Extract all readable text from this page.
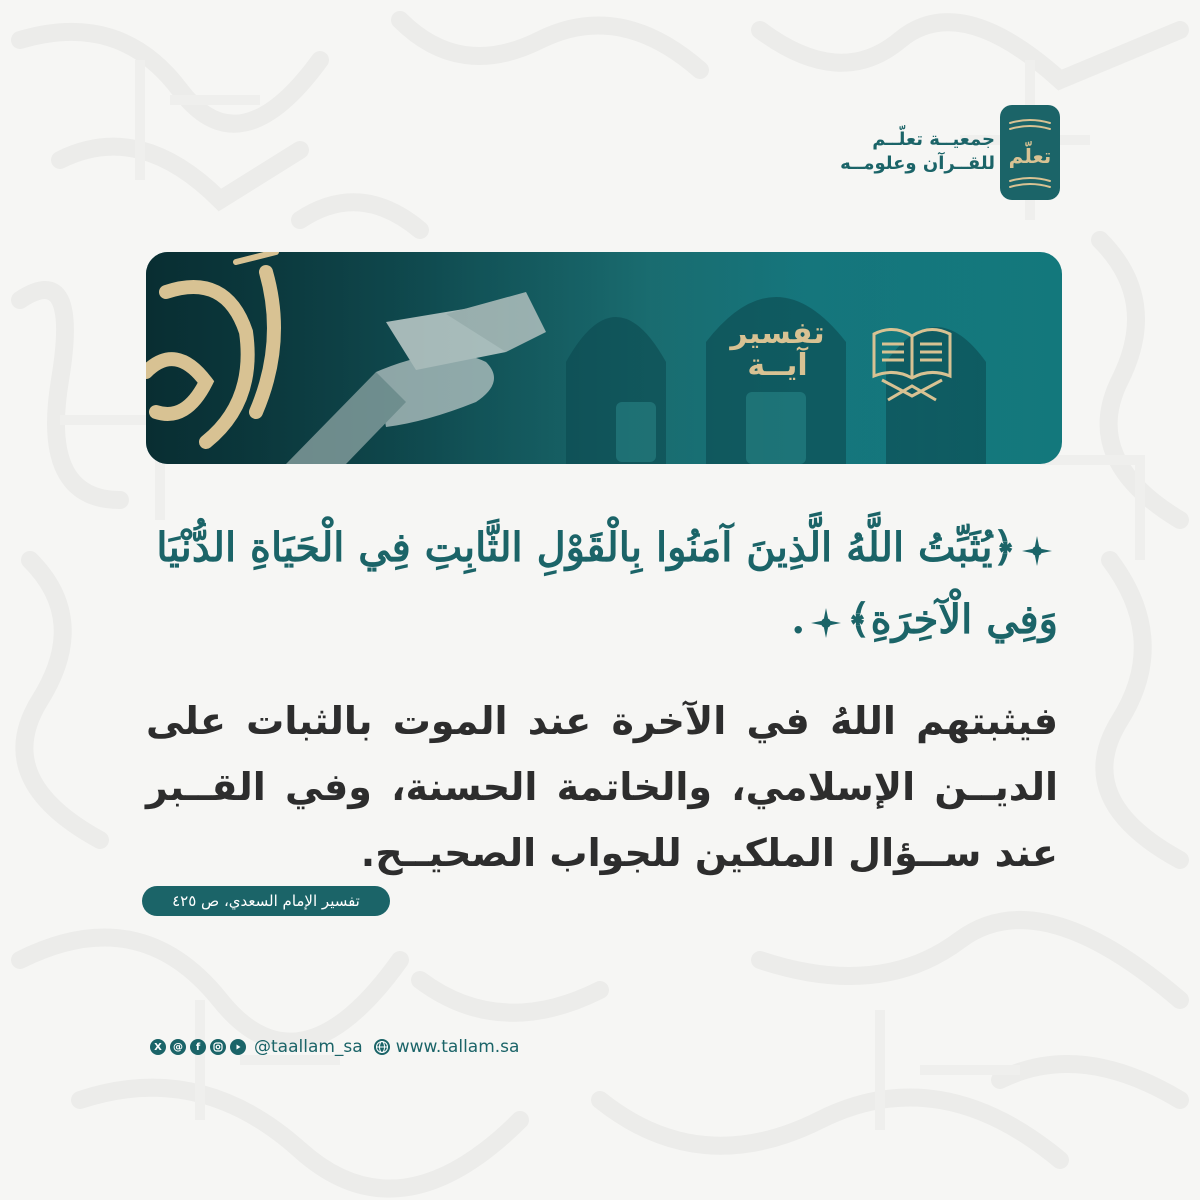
تعلّم
جمعيــة تعلّــم
للقــرآن وعلومــه
تفسير
آيــة
﴿يُثَبِّتُ اللَّهُ الَّذِينَ آمَنُوا بِالْقَوْلِ الثَّابِتِ فِي الْحَيَاةِ الدُّنْيَا وَفِي الْآخِرَةِ﴾.
فيثبتهم اللهُ في الآخرة عند الموت بالثبات على الديــن الإسلامي، والخاتمة الحسنة، وفي القــبر عند ســؤال الملكين للجواب الصحيــح.
تفسير الإمام السعدي، ص ٤٢٥
X	@	f	@taallam_sa www.tallam.sa
